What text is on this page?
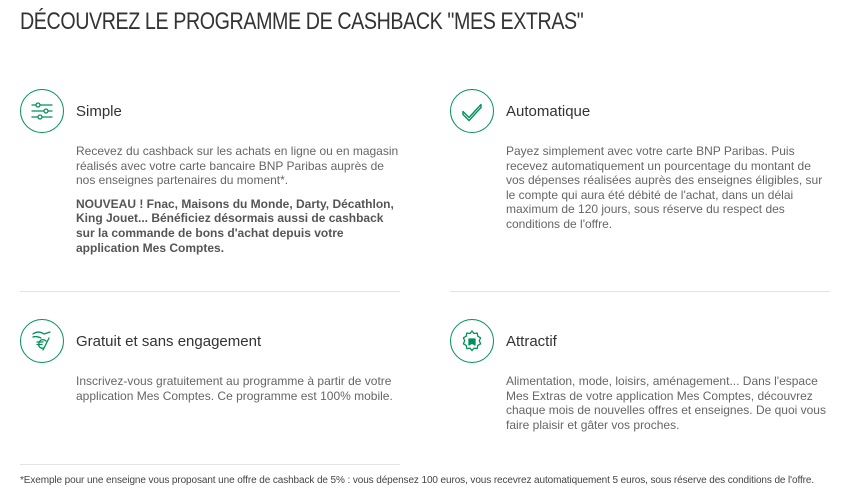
DÉCOUVREZ LE PROGRAMME DE CASHBACK "MES EXTRAS"
Simple

Recevez du cashback sur les achats en ligne ou en magasin réalisés avec votre carte bancaire BNP Paribas auprès de nos enseignes partenaires du moment*.

NOUVEAU ! Fnac, Maisons du Monde, Darty, Décathlon, King Jouet... Bénéficiez désormais aussi de cashback sur la commande de bons d'achat depuis votre application Mes Comptes.

Automatique

Payez simplement avec votre carte BNP Paribas. Puis recevez automatiquement un pourcentage du montant de vos dépenses réalisées auprès des enseignes éligibles, sur le compte qui aura été débité de l'achat, dans un délai maximum de 120 jours, sous réserve du respect des conditions de l'offre.

Gratuit et sans engagement

Inscrivez-vous gratuitement au programme à partir de votre application Mes Comptes. Ce programme est 100% mobile.

Attractif

Alimentation, mode, loisirs, aménagement... Dans l'espace Mes Extras de votre application Mes Comptes, découvrez chaque mois de nouvelles offres et enseignes. De quoi vous faire plaisir et gâter vos proches.

*Exemple pour une enseigne vous proposant une offre de cashback de 5% : vous dépensez 100 euros, vous recevrez automatiquement 5 euros, sous réserve des conditions de l'offre.
